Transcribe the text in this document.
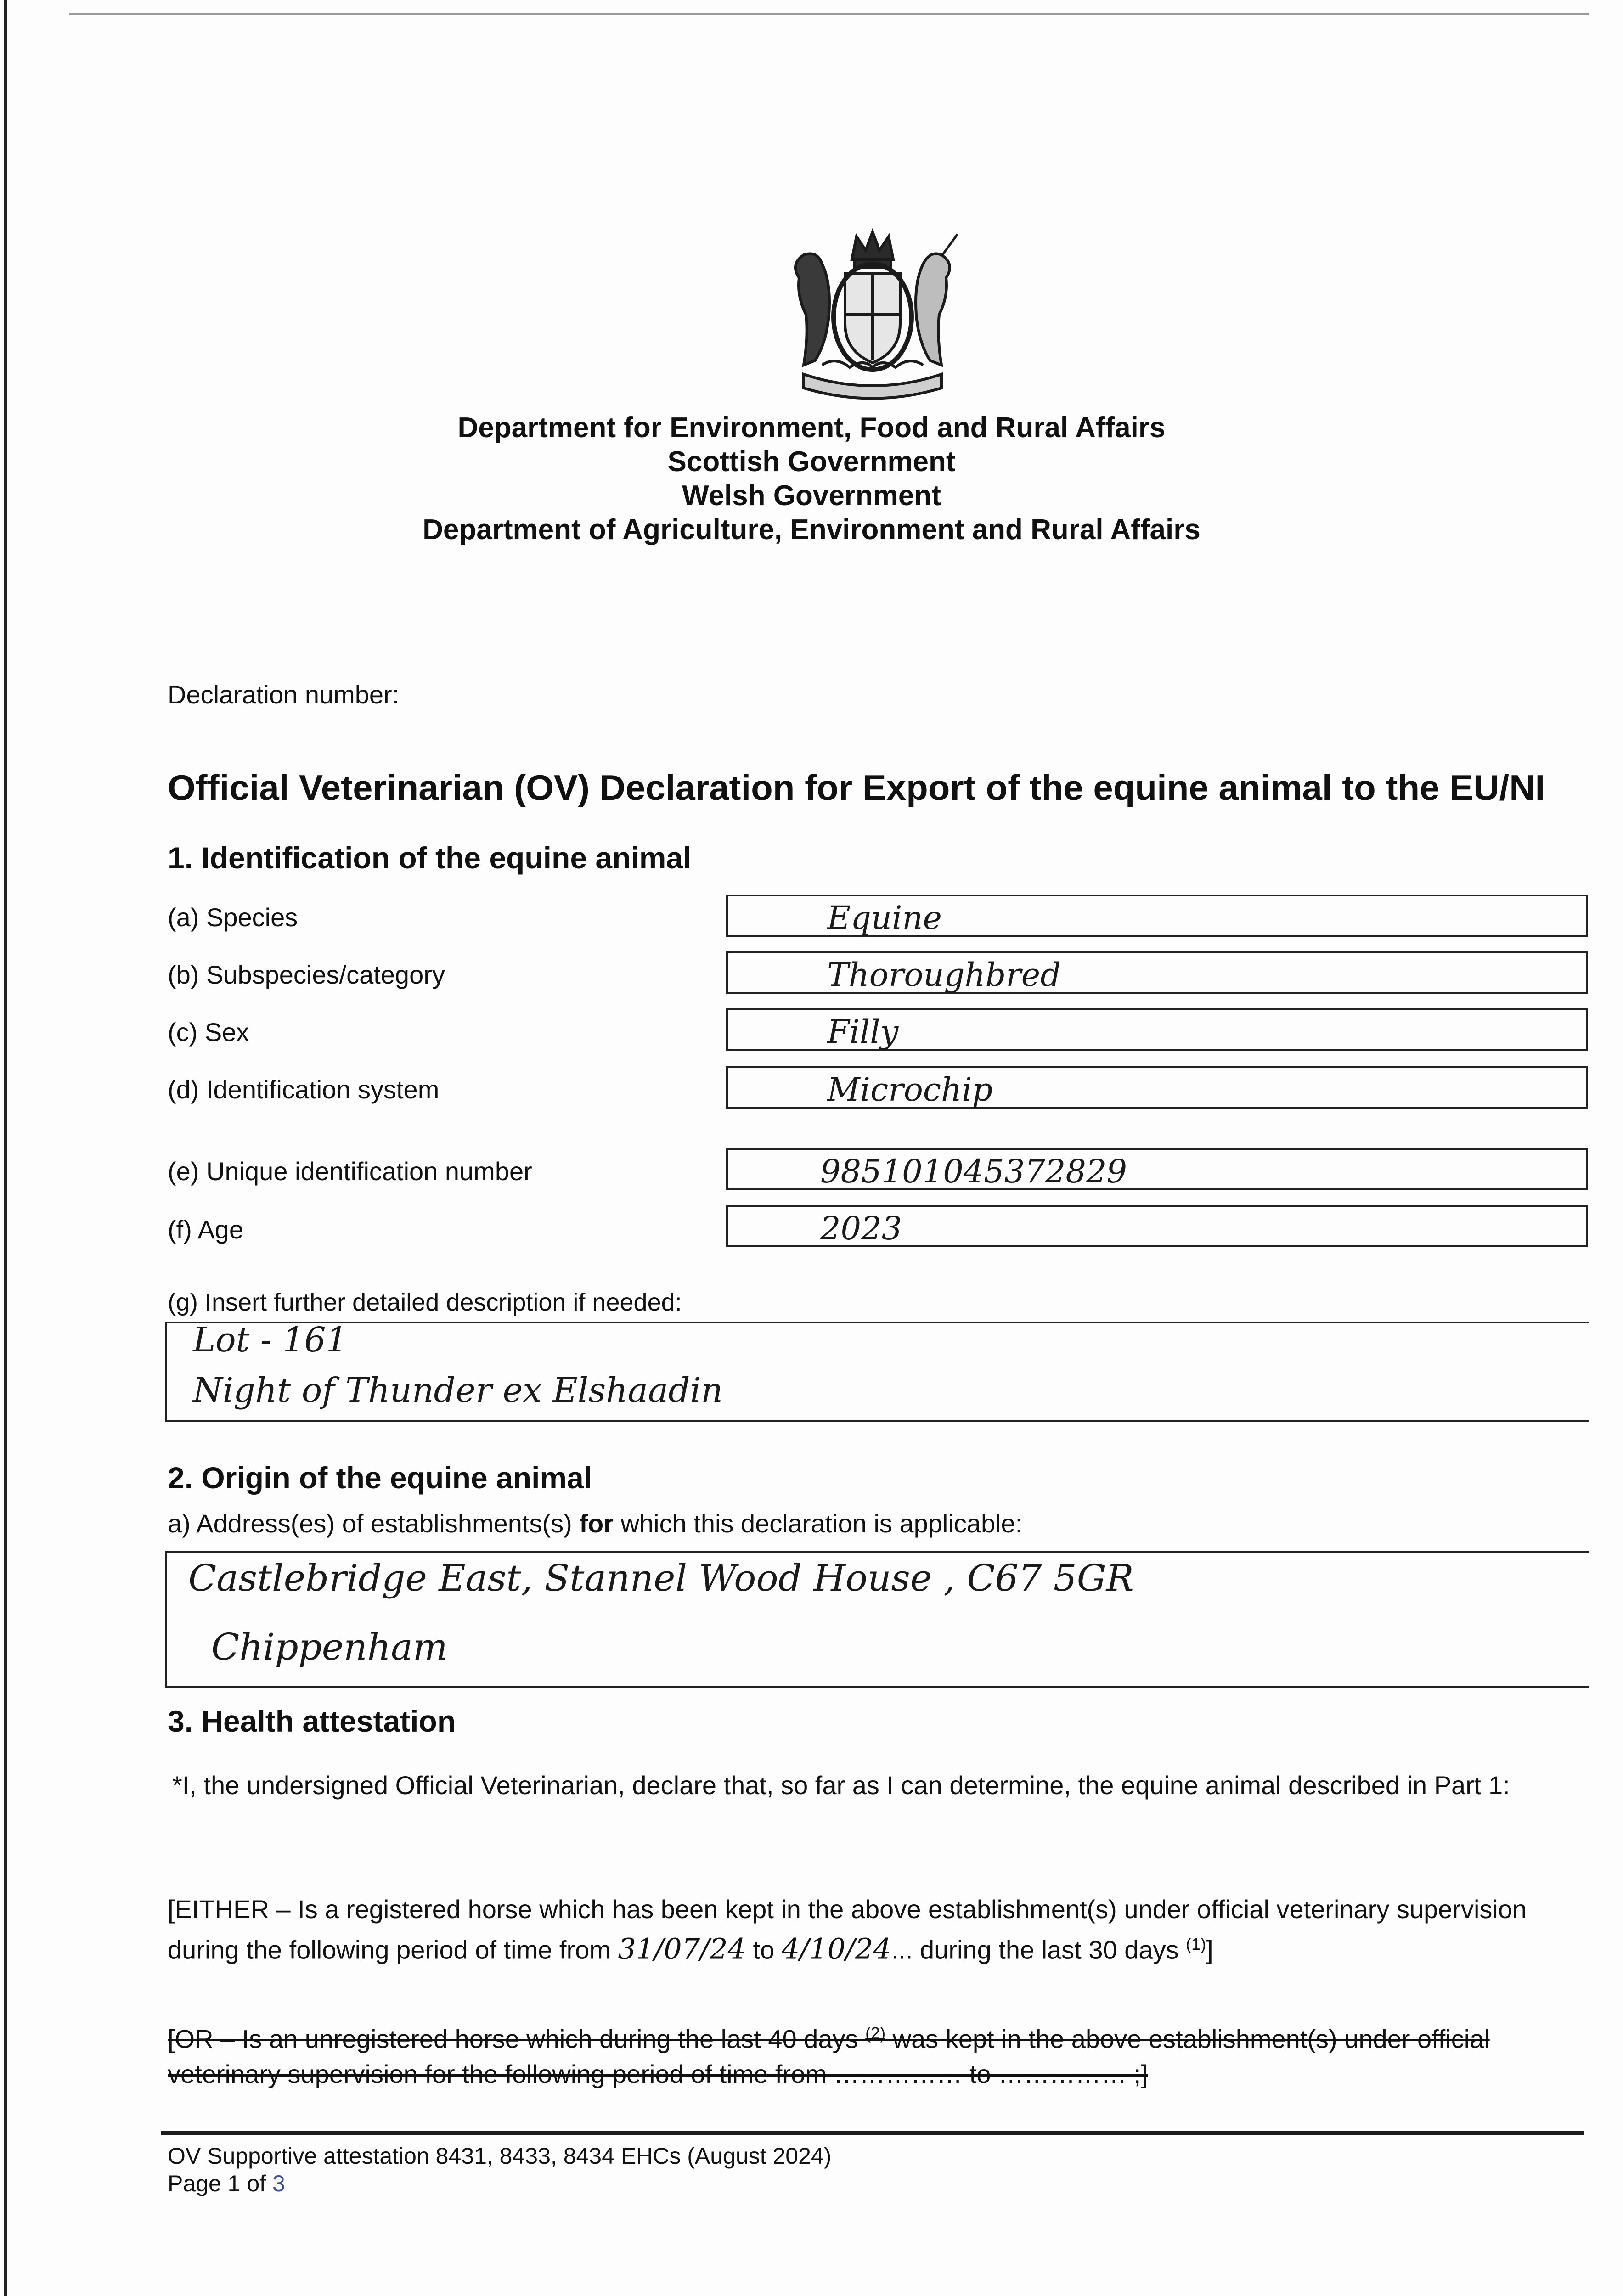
Department for Environment, Food and Rural Affairs
Scottish Government
Welsh Government
Department of Agriculture, Environment and Rural Affairs
Declaration number:
Official Veterinarian (OV) Declaration for Export of the equine animal to the EU/NI
1. Identification of the equine animal
(a) Species	Equine
(b) Subspecies/category	Thoroughbred
(c) Sex	Filly
(d) Identification system	Microchip
(e) Unique identification number	985101045372829
(f) Age	2023
(g) Insert further detailed description if needed:
Lot - 161
Night of Thunder ex Elshaadin
2. Origin of the equine animal
a) Address(es) of establishments(s) for which this declaration is applicable:
Castlebridge East, Stannel Wood House , C67 5GR
Chippenham
3. Health attestation
*I, the undersigned Official Veterinarian, declare that, so far as I can determine, the equine animal described in Part 1:
[EITHER – Is a registered horse which has been kept in the above establishment(s) under official veterinary supervision during the following period of time from 31/07/24 to 4/10/24... during the last 30 days $^{(1)}$]
[OR – Is an unregistered horse which during the last 40 days $^{(2)}$ was kept in the above establishment(s) under official veterinary supervision for the following period of time from …………… to …………… ;]
OV Supportive attestation 8431, 8433, 8434 EHCs (August 2024)
Page 1 of 3
